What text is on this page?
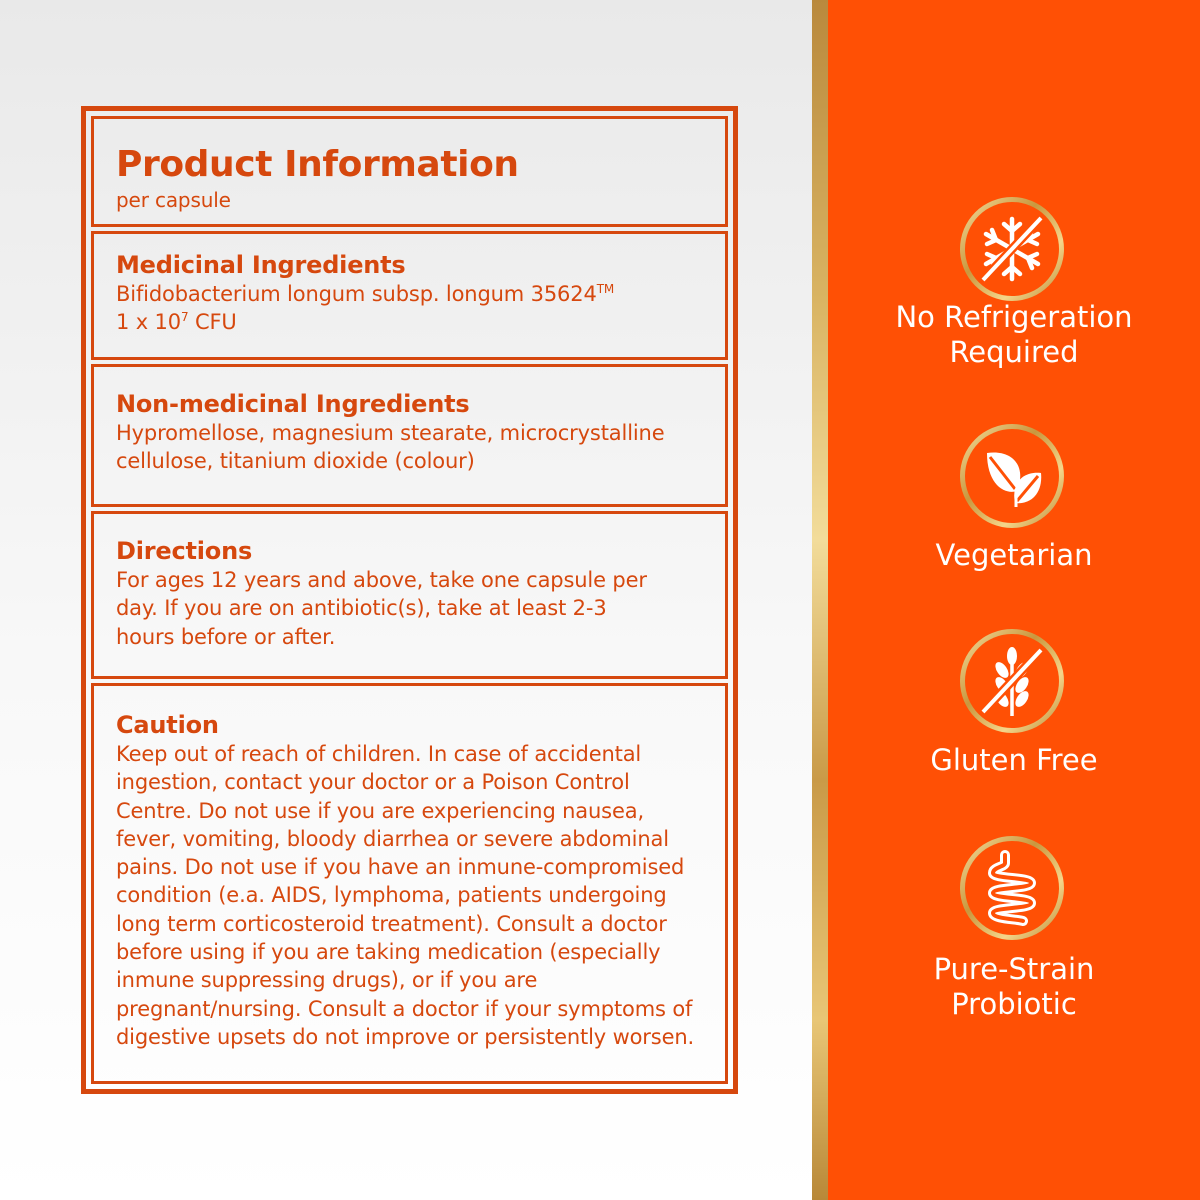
Product Information
per capsule
Medicinal Ingredients
Bifidobacterium longum subsp. longum 35624™
1 x $10^7$ CFU
Non-medicinal Ingredients
Hypromellose, magnesium stearate, microcrystalline
cellulose, titanium dioxide (colour)
Directions
For ages 12 years and above, take one capsule per
day. If you are on antibiotic(s), take at least 2-3
hours before or after.
Caution
Keep out of reach of children. In case of accidental
ingestion, contact your doctor or a Poison Control
Centre. Do not use if you are experiencing nausea,
fever, vomiting, bloody diarrhea or severe abdominal
pains. Do not use if you have an inmune-compromised
condition (e.a. AIDS, lymphoma, patients undergoing
long term corticosteroid treatment). Consult a doctor
before using if you are taking medication (especially
inmune suppressing drugs), or if you are
pregnant/nursing. Consult a doctor if your symptoms of
digestive upsets do not improve or persistently worsen.
No Refrigeration
Required
Vegetarian
Gluten Free
Pure-Strain
Probiotic
